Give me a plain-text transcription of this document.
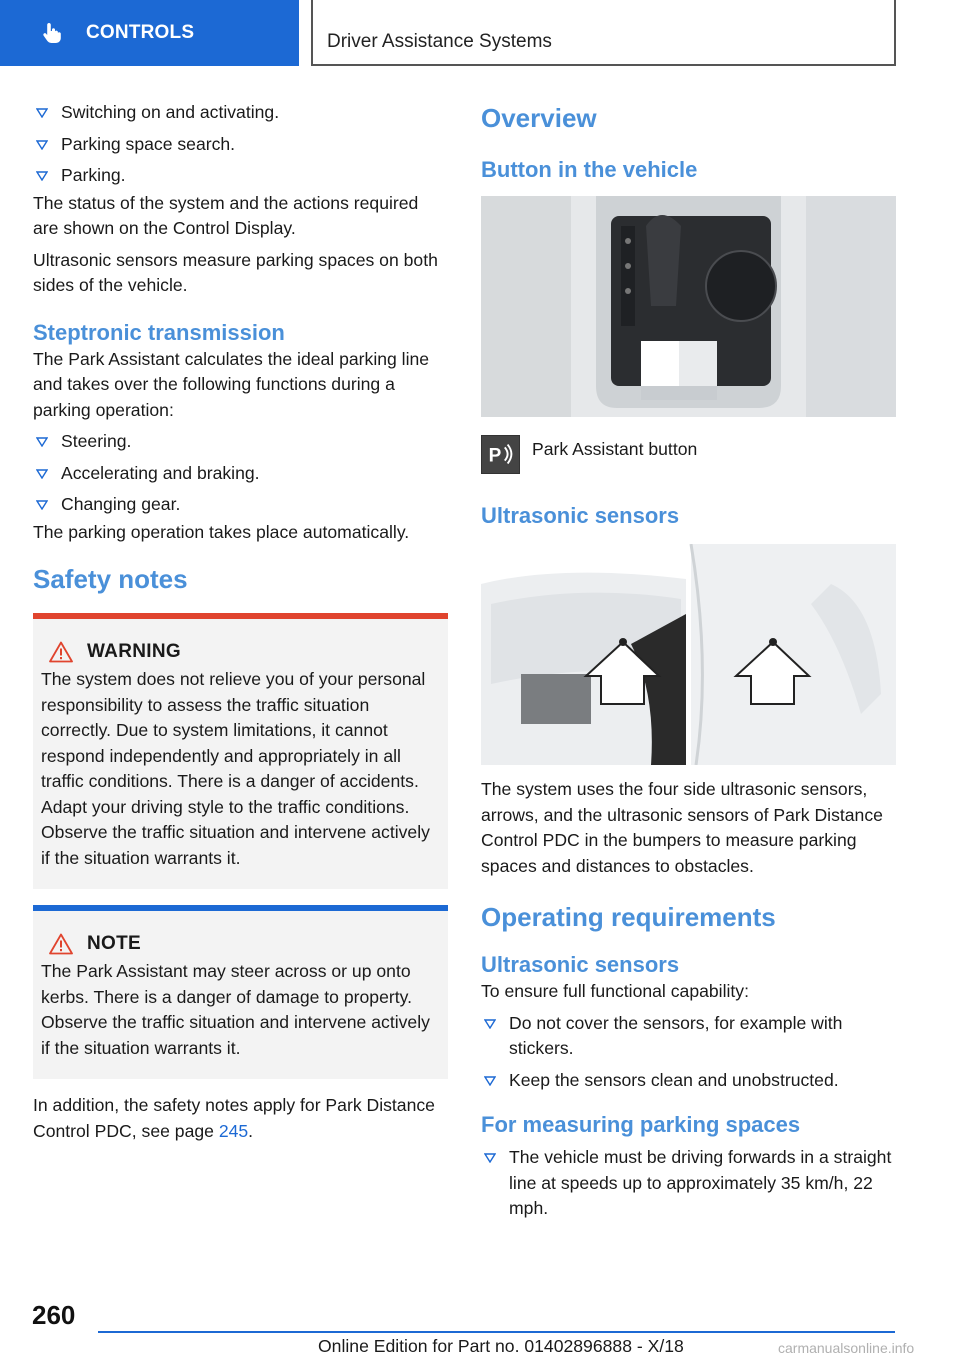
CONTROLS	Driver Assistance Systems
Switching on and activating.
Parking space search.
Parking.

The status of the system and the actions required are shown on the Control Display.

Ultrasonic sensors measure parking spaces on both sides of the vehicle.

Steptronic transmission

The Park Assistant calculates the ideal parking line and takes over the following functions during a parking operation:

Steering.
Accelerating and braking.
Changing gear.

The parking operation takes place automatically.

Safety notes
WARNING

The system does not relieve you of your personal responsibility to assess the traffic situation correctly. Due to system limitations, it cannot respond independently and appropriately in all traffic conditions. There is a danger of accidents. Adapt your driving style to the traffic conditions. Observe the traffic situation and intervene actively if the situation warrants it.

NOTE

The Park Assistant may steer across or up onto kerbs. There is a danger of damage to property. Observe the traffic situation and intervene actively if the situation warrants it.

In addition, the safety notes apply for Park Distance Control PDC, see page 245.

Overview
Button in the vehicle
P Park Assistant button
Ultrasonic sensors

The system uses the four side ultrasonic sensors, arrows, and the ultrasonic sensors of Park Distance Control PDC in the bumpers to measure parking spaces and distances to obstacles.

Operating requirements
Ultrasonic sensors

To ensure full functional capability:

Do not cover the sensors, for example with stickers.
Keep the sensors clean and unobstructed.
For measuring parking spaces
The vehicle must be driving forwards in a straight line at speeds up to approximately 35 km/h, 22 mph.
260
Online Edition for Part no. 01402896888 - X/18	carmanualsonline.info
